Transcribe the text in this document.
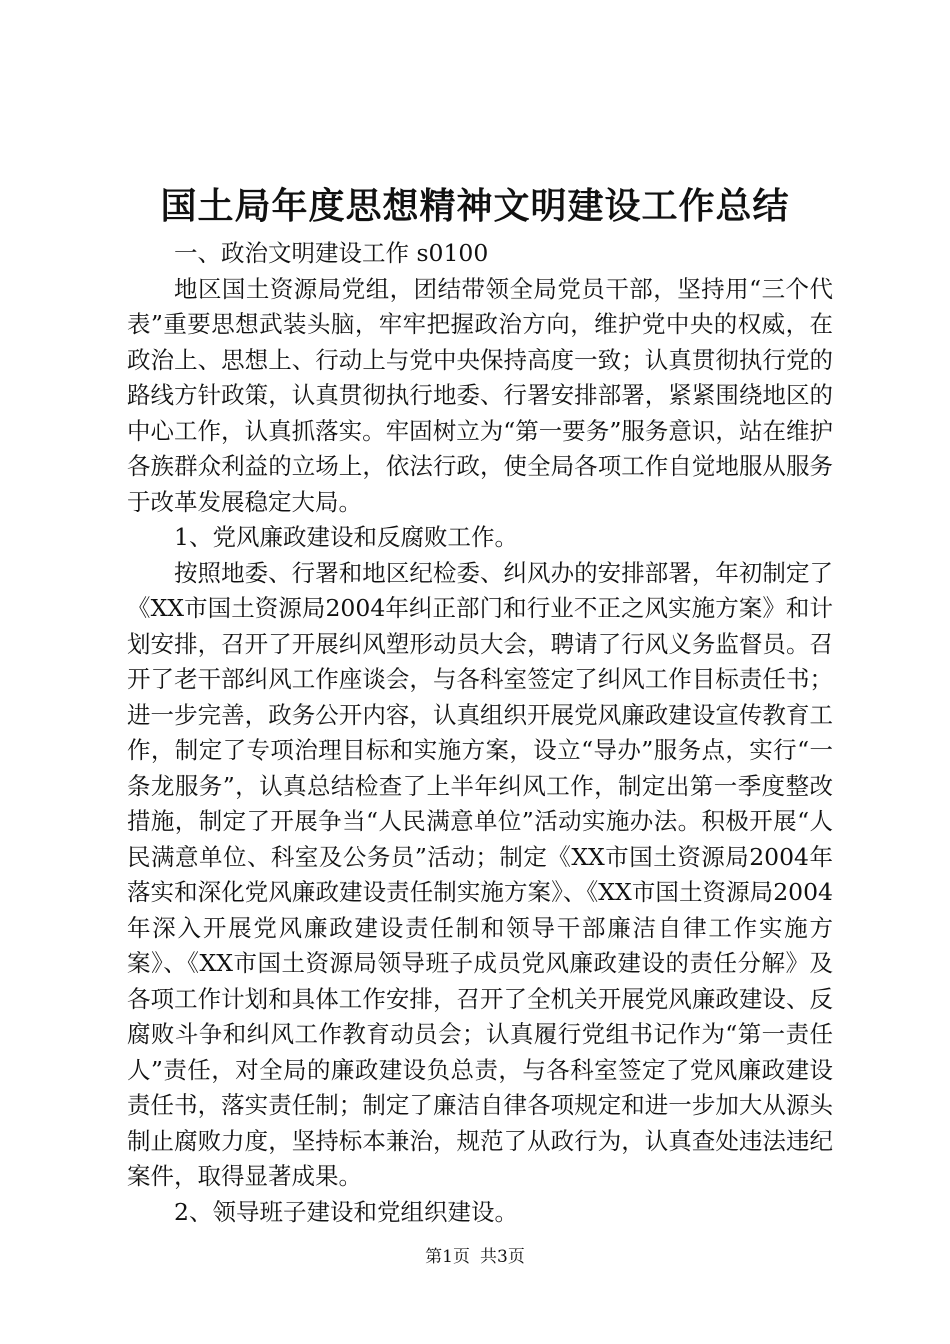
国土局年度思想精神文明建设工作总结

一、政治文明建设工作 s0100

地区国土资源局党组，团结带领全局党员干部，坚持用“三个代表”重要思想武装头脑，牢牢把握政治方向，维护党中央的权威，在政治上、思想上、行动上与党中央保持高度一致；认真贯彻执行党的路线方针政策，认真贯彻执行地委、行署安排部署，紧紧围绕地区的中心工作，认真抓落实。牢固树立为“第一要务”服务意识，站在维护各族群众利益的立场上，依法行政，使全局各项工作自觉地服从服务于改革发展稳定大局。

1、党风廉政建设和反腐败工作。

按照地委、行署和地区纪检委、纠风办的安排部署，年初制定了《XX市国土资源局2004年纠正部门和行业不正之风实施方案》和计划安排，召开了开展纠风塑形动员大会，聘请了行风义务监督员。召开了老干部纠风工作座谈会，与各科室签定了纠风工作目标责任书；进一步完善，政务公开内容，认真组织开展党风廉政建设宣传教育工作，制定了专项治理目标和实施方案，设立“导办”服务点，实行“一条龙服务”，认真总结检查了上半年纠风工作，制定出第一季度整改措施，制定了开展争当“人民满意单位”活动实施办法。积极开展“人民满意单位、科室及公务员”活动；制定《XX市国土资源局2004年落实和深化党风廉政建设责任制实施方案》、《XX市国土资源局2004年深入开展党风廉政建设责任制和领导干部廉洁自律工作实施方案》、《XX市国土资源局领导班子成员党风廉政建设的责任分解》及各项工作计划和具体工作安排，召开了全机关开展党风廉政建设、反腐败斗争和纠风工作教育动员会；认真履行党组书记作为“第一责任人”责任，对全局的廉政建设负总责，与各科室签定了党风廉政建设责任书，落实责任制；制定了廉洁自律各项规定和进一步加大从源头制止腐败力度，坚持标本兼治，规范了从政行为，认真查处违法违纪案件，取得显著成果。

2、领导班子建设和党组织建设。

第1页 共3页
